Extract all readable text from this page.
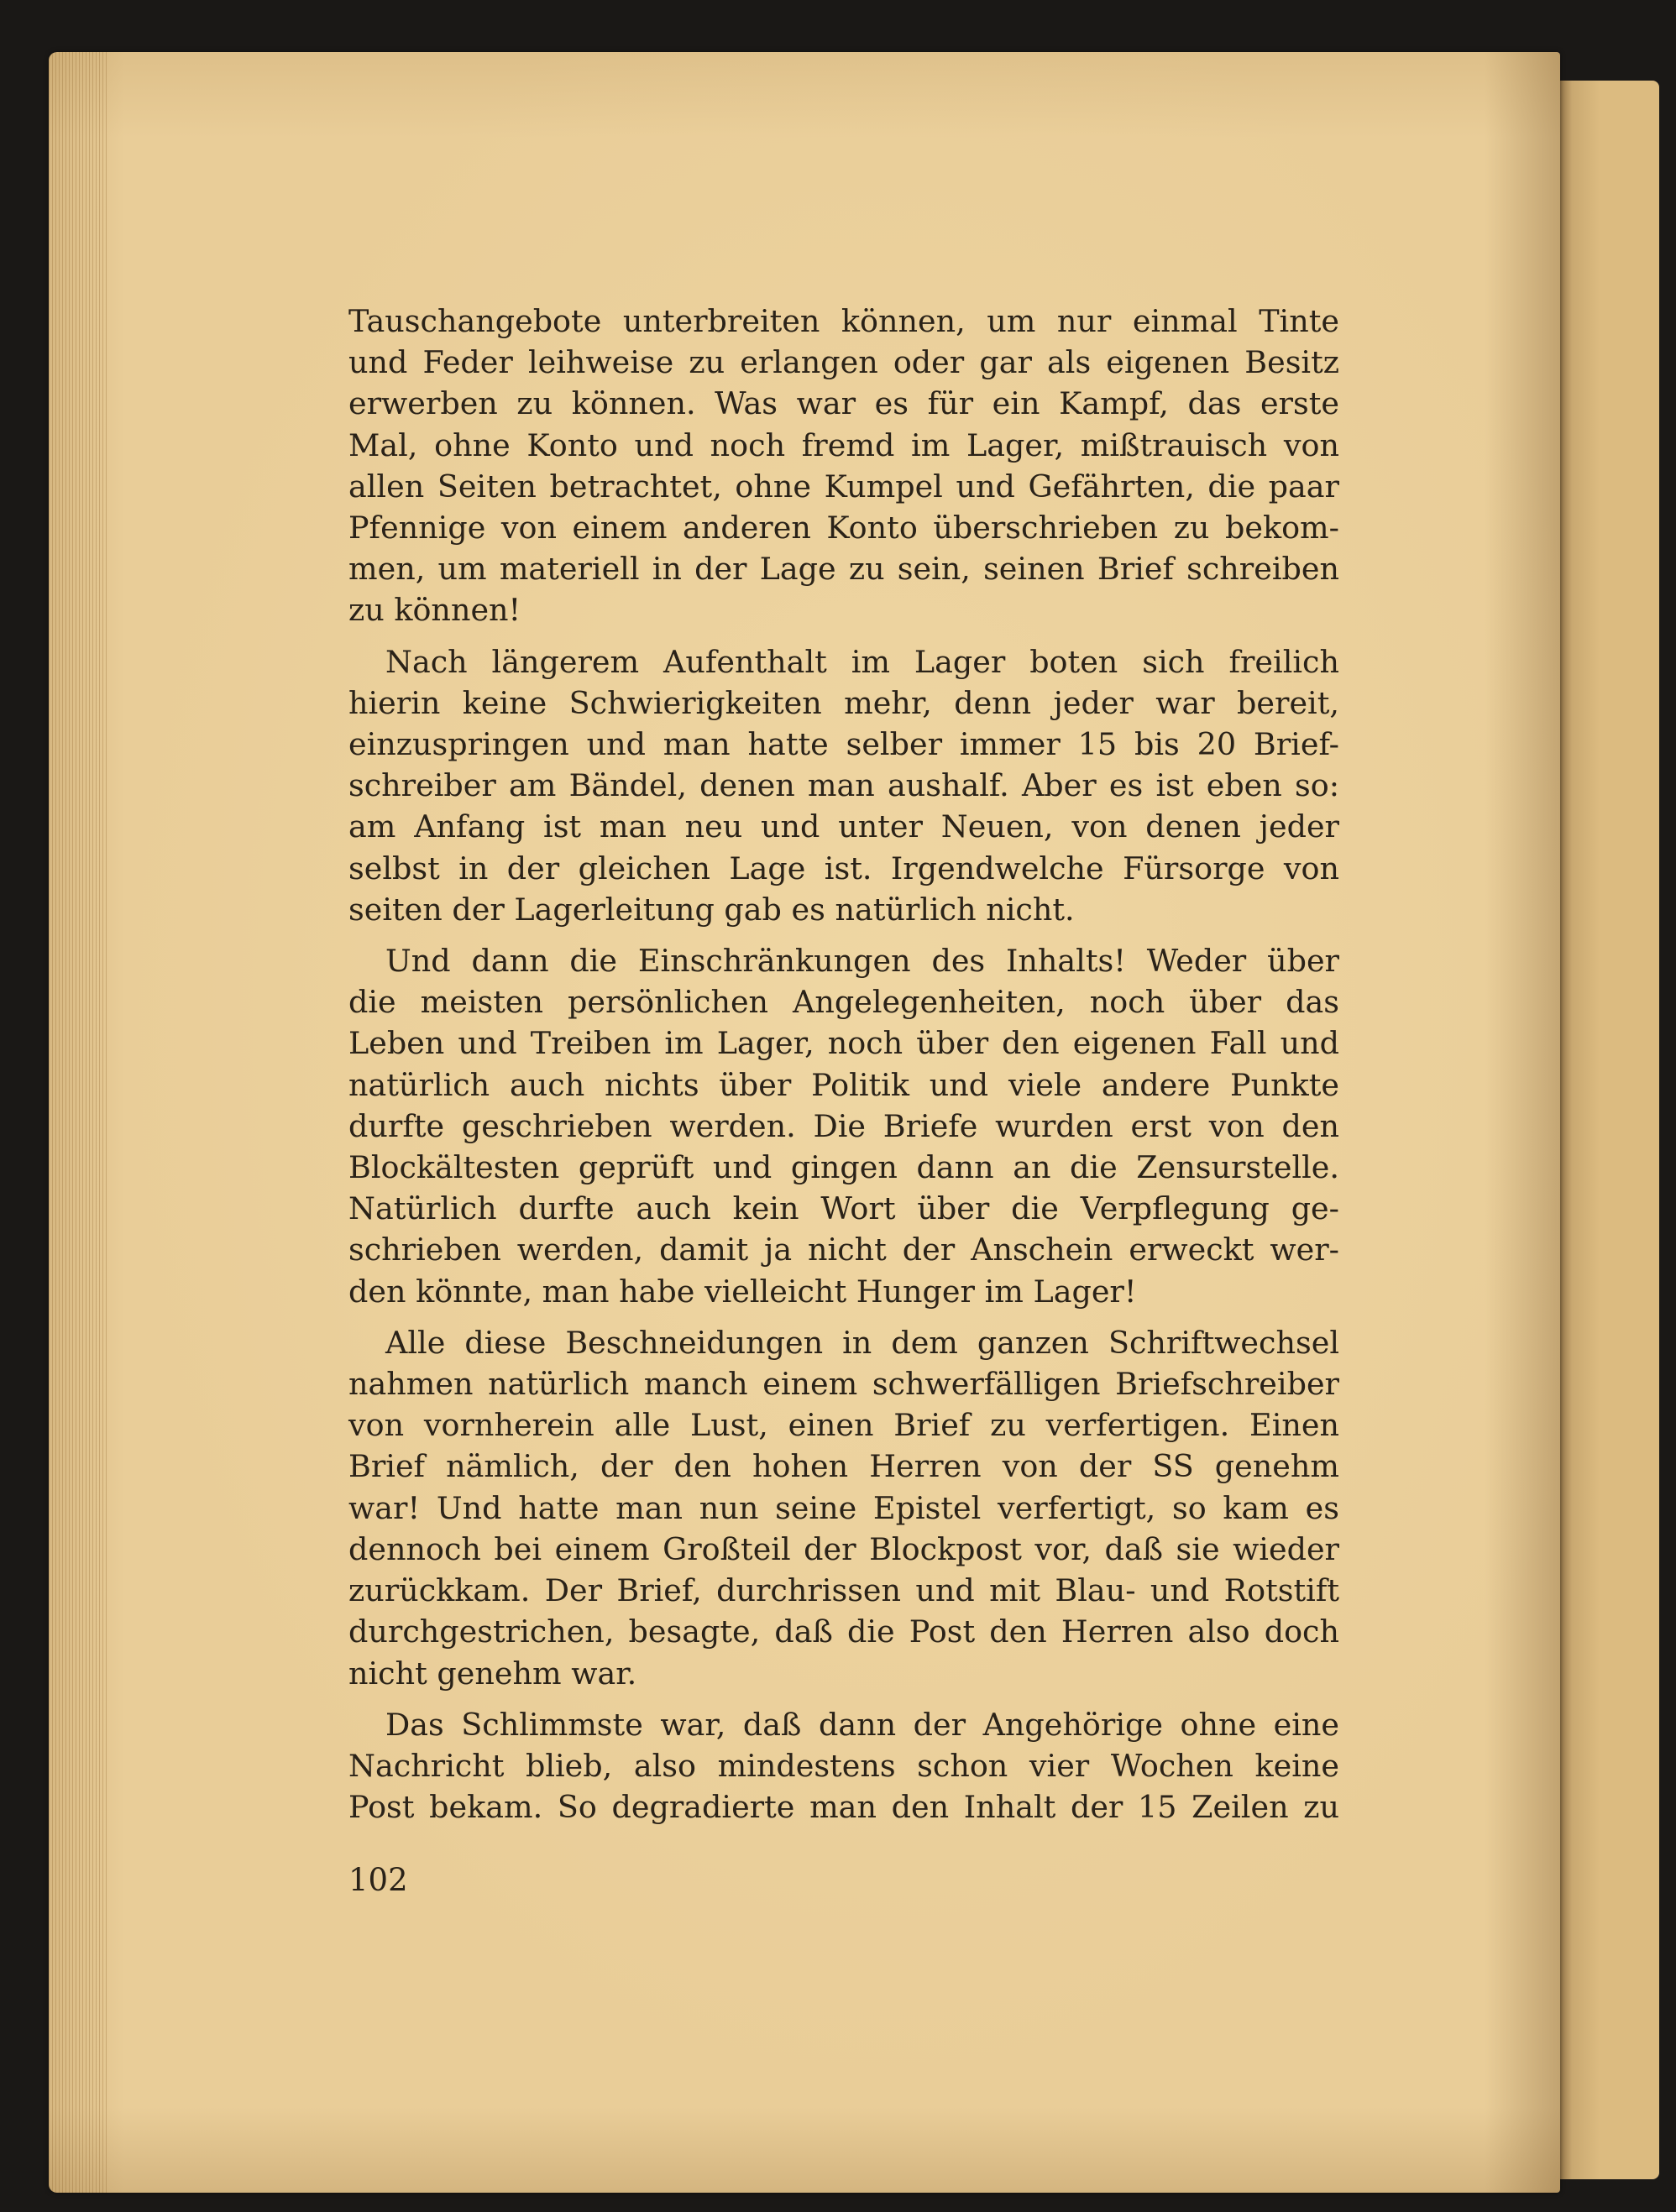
Tauschangebote unterbreiten können, um nur einmal Tinte
und Feder leihweise zu erlangen oder gar als eigenen Besitz
erwerben zu können. Was war es für ein Kampf, das erste
Mal, ohne Konto und noch fremd im Lager, mißtrauisch von
allen Seiten betrachtet, ohne Kumpel und Gefährten, die paar
Pfennige von einem anderen Konto überschrieben zu bekom-
men, um materiell in der Lage zu sein, seinen Brief schreiben
zu können!

Nach längerem Aufenthalt im Lager boten sich freilich
hierin keine Schwierigkeiten mehr, denn jeder war bereit,
einzuspringen und man hatte selber immer 15 bis 20 Brief-
schreiber am Bändel, denen man aushalf. Aber es ist eben so:
am Anfang ist man neu und unter Neuen, von denen jeder
selbst in der gleichen Lage ist. Irgendwelche Fürsorge von
seiten der Lagerleitung gab es natürlich nicht.

Und dann die Einschränkungen des Inhalts! Weder über
die meisten persönlichen Angelegenheiten, noch über das
Leben und Treiben im Lager, noch über den eigenen Fall und
natürlich auch nichts über Politik und viele andere Punkte
durfte geschrieben werden. Die Briefe wurden erst von den
Blockältesten geprüft und gingen dann an die Zensurstelle.
Natürlich durfte auch kein Wort über die Verpflegung ge-
schrieben werden, damit ja nicht der Anschein erweckt wer-
den könnte, man habe vielleicht Hunger im Lager!

Alle diese Beschneidungen in dem ganzen Schriftwechsel
nahmen natürlich manch einem schwerfälligen Briefschreiber
von vornherein alle Lust, einen Brief zu verfertigen. Einen
Brief nämlich, der den hohen Herren von der SS genehm
war! Und hatte man nun seine Epistel verfertigt, so kam es
dennoch bei einem Großteil der Blockpost vor, daß sie wieder
zurückkam. Der Brief, durchrissen und mit Blau- und Rotstift
durchgestrichen, besagte, daß die Post den Herren also doch
nicht genehm war.

Das Schlimmste war, daß dann der Angehörige ohne eine
Nachricht blieb, also mindestens schon vier Wochen keine
Post bekam. So degradierte man den Inhalt der 15 Zeilen zu

102
